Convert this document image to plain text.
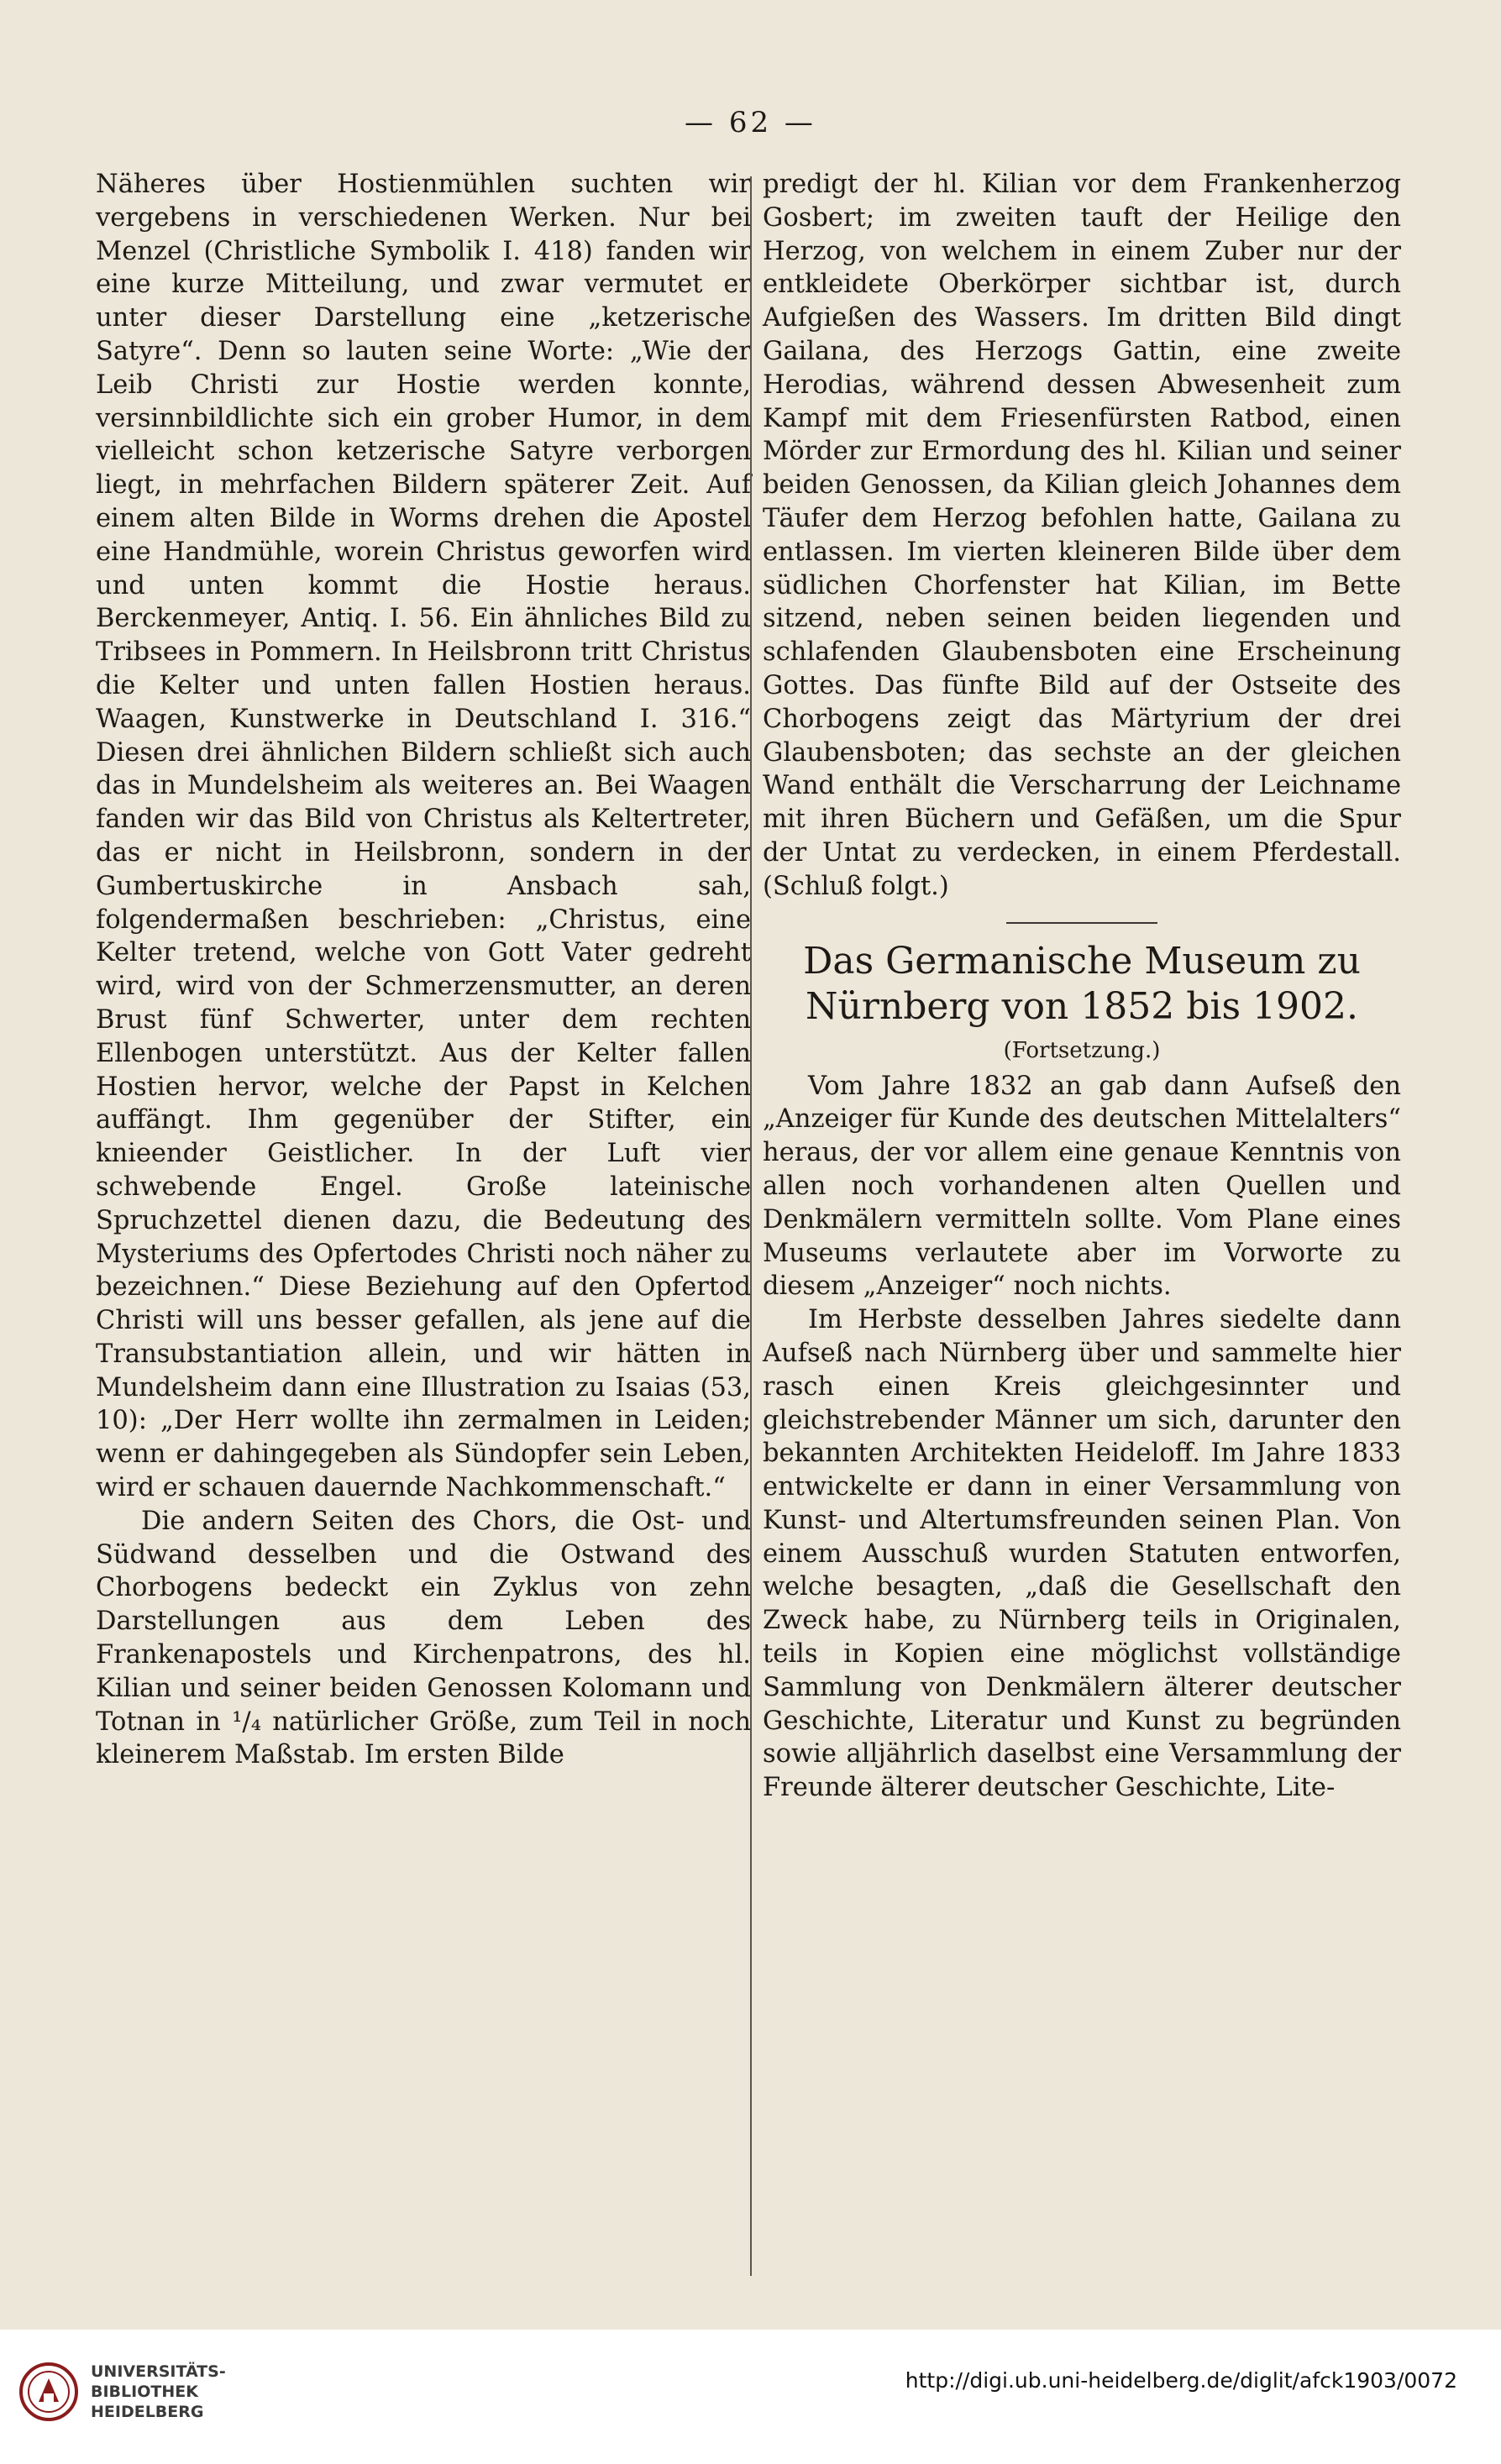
— 62 —

Näheres über Hostienmühlen suchten wir vergebens in verschiedenen Werken. Nur bei Menzel (Christliche Symbolik I. 418) fanden wir eine kurze Mitteilung, und zwar vermutet er unter dieser Darstellung eine „ketzerische Satyre“. Denn so lauten seine Worte: „Wie der Leib Christi zur Hostie werden konnte, versinnbildlichte sich ein grober Humor, in dem vielleicht schon ketzerische Satyre verborgen liegt, in mehrfachen Bildern späterer Zeit. Auf einem alten Bilde in Worms drehen die Apostel eine Handmühle, worein Christus geworfen wird und unten kommt die Hostie heraus. Berckenmeyer, Antiq. I. 56. Ein ähnliches Bild zu Tribsees in Pommern. In Heilsbronn tritt Christus die Kelter und unten fallen Hostien heraus. Waagen, Kunstwerke in Deutschland I. 316.“ Diesen drei ähnlichen Bildern schließt sich auch das in Mundelsheim als weiteres an. Bei Waagen fanden wir das Bild von Christus als Keltertreter, das er nicht in Heilsbronn, sondern in der Gumbertuskirche in Ansbach sah, folgendermaßen beschrieben: „Christus, eine Kelter tretend, welche von Gott Vater gedreht wird, wird von der Schmerzensmutter, an deren Brust fünf Schwerter, unter dem rechten Ellenbogen unterstützt. Aus der Kelter fallen Hostien hervor, welche der Papst in Kelchen auffängt. Ihm gegenüber der Stifter, ein knieender Geistlicher. In der Luft vier schwebende Engel. Große lateinische Spruchzettel dienen dazu, die Bedeutung des Mysteriums des Opfertodes Christi noch näher zu bezeichnen.“ Diese Beziehung auf den Opfertod Christi will uns besser gefallen, als jene auf die Transubstantiation allein, und wir hätten in Mundelsheim dann eine Illustration zu Isaias (53, 10): „Der Herr wollte ihn zermalmen in Leiden; wenn er dahingegeben als Sündopfer sein Leben, wird er schauen dauernde Nachkommenschaft.“

Die andern Seiten des Chors, die Ost- und Südwand desselben und die Ostwand des Chorbogens bedeckt ein Zyklus von zehn Darstellungen aus dem Leben des Frankenapostels und Kirchenpatrons, des hl. Kilian und seiner beiden Genossen Kolomann und Totnan in ¹/₄ natürlicher Größe, zum Teil in noch kleinerem Maßstab. Im ersten Bilde

predigt der hl. Kilian vor dem Frankenherzog Gosbert; im zweiten tauft der Heilige den Herzog, von welchem in einem Zuber nur der entkleidete Oberkörper sichtbar ist, durch Aufgießen des Wassers. Im dritten Bild dingt Gailana, des Herzogs Gattin, eine zweite Herodias, während dessen Abwesenheit zum Kampf mit dem Friesenfürsten Ratbod, einen Mörder zur Ermordung des hl. Kilian und seiner beiden Genossen, da Kilian gleich Johannes dem Täufer dem Herzog befohlen hatte, Gailana zu entlassen. Im vierten kleineren Bilde über dem südlichen Chorfenster hat Kilian, im Bette sitzend, neben seinen beiden liegenden und schlafenden Glaubensboten eine Erscheinung Gottes. Das fünfte Bild auf der Ostseite des Chorbogens zeigt das Märtyrium der drei Glaubensboten; das sechste an der gleichen Wand enthält die Verscharrung der Leichname mit ihren Büchern und Gefäßen, um die Spur der Untat zu verdecken, in einem Pferdestall. (Schluß folgt.)

Das Germanische Museum zu
Nürnberg von 1852 bis 1902.
(Fortsetzung.)

Vom Jahre 1832 an gab dann Aufseß den „Anzeiger für Kunde des deutschen Mittelalters“ heraus, der vor allem eine genaue Kenntnis von allen noch vorhandenen alten Quellen und Denkmälern vermitteln sollte. Vom Plane eines Museums verlautete aber im Vorworte zu diesem „Anzeiger“ noch nichts.

Im Herbste desselben Jahres siedelte dann Aufseß nach Nürnberg über und sammelte hier rasch einen Kreis gleichgesinnter und gleichstrebender Männer um sich, darunter den bekannten Architekten Heideloff. Im Jahre 1833 entwickelte er dann in einer Versammlung von Kunst- und Altertumsfreunden seinen Plan. Von einem Ausschuß wurden Statuten entworfen, welche besagten, „daß die Gesellschaft den Zweck habe, zu Nürnberg teils in Originalen, teils in Kopien eine möglichst vollständige Sammlung von Denkmälern älterer deutscher Geschichte, Literatur und Kunst zu begründen sowie alljährlich daselbst eine Versammlung der Freunde älterer deutscher Geschichte, Lite-

UNIVERSITÄTS-
BIBLIOTHEK
HEIDELBERG
http://digi.ub.uni-heidelberg.de/diglit/afck1903/0072
